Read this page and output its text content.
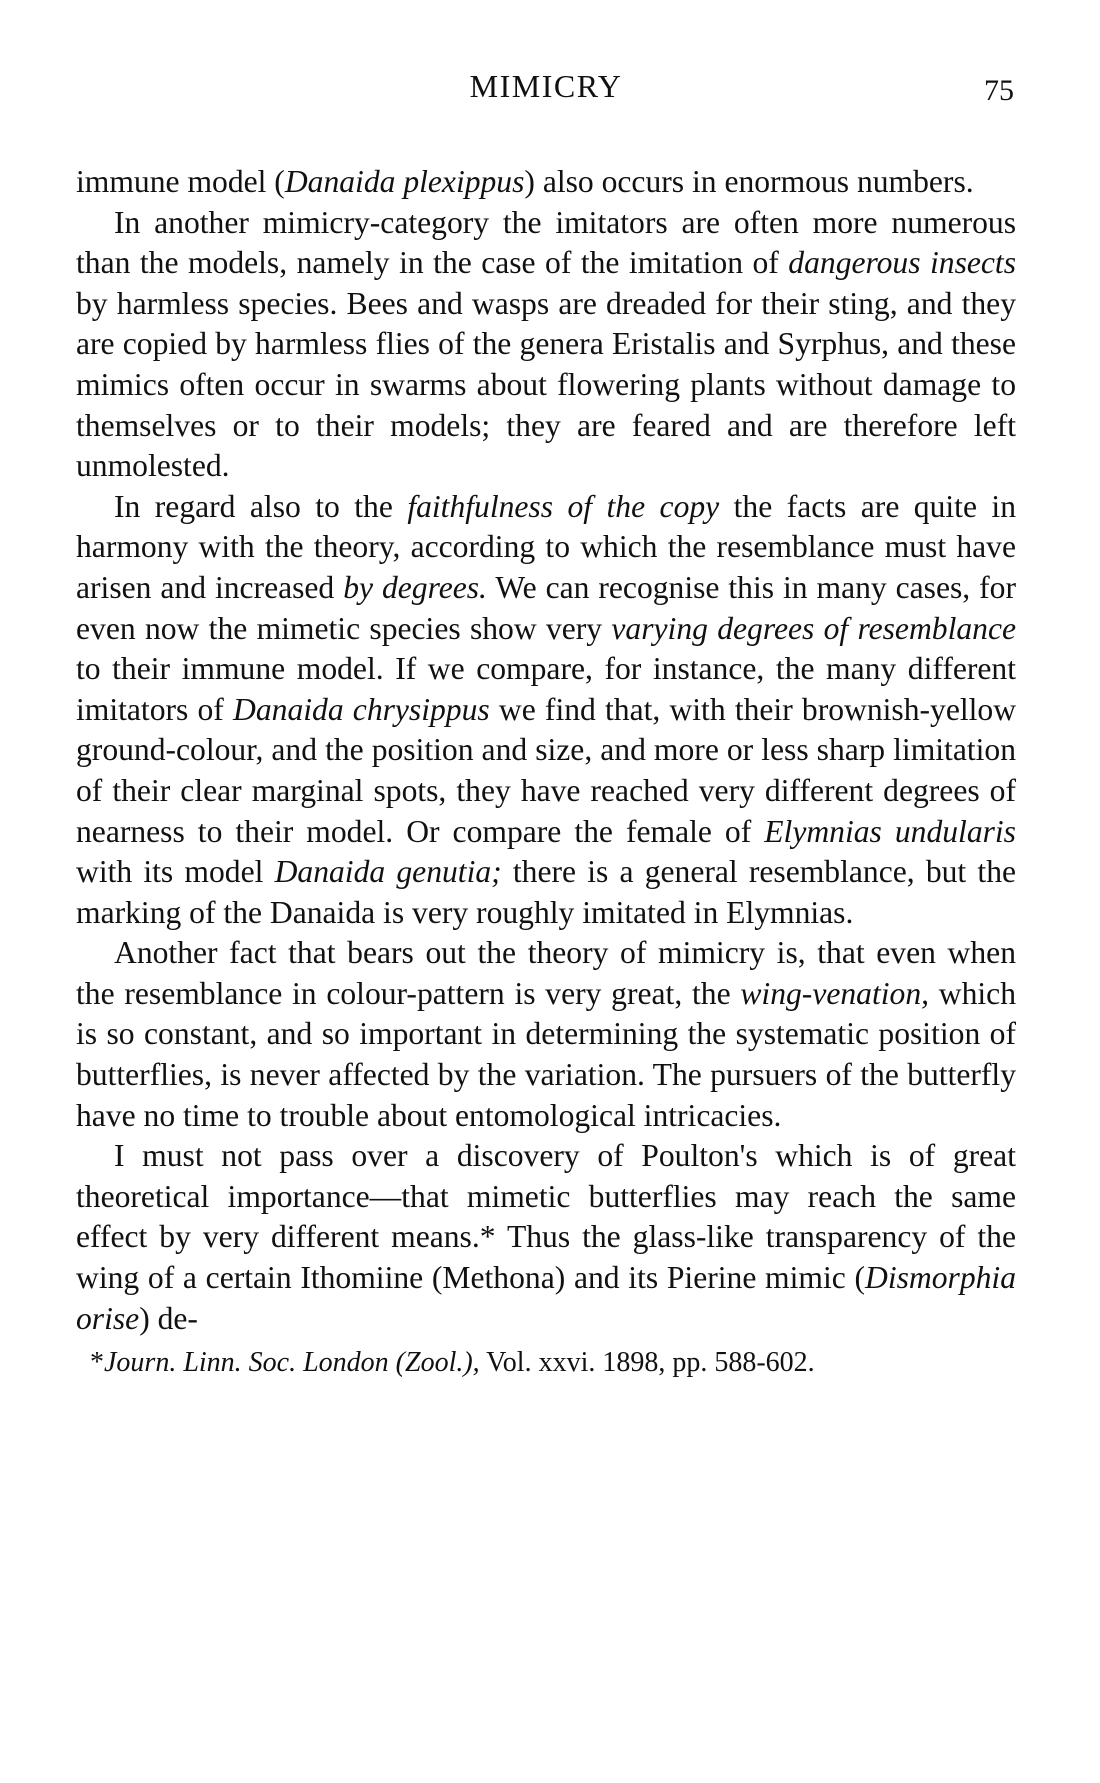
MIMICRY	75

immune model (Danaida plexippus) also occurs in enormous numbers.

In another mimicry-category the imitators are often more numerous than the models, namely in the case of the imitation of dangerous insects by harmless species. Bees and wasps are dreaded for their sting, and they are copied by harmless flies of the genera Eristalis and Syrphus, and these mimics often occur in swarms about flowering plants without damage to themselves or to their models; they are feared and are therefore left unmolested.

In regard also to the faithfulness of the copy the facts are quite in harmony with the theory, according to which the resemblance must have arisen and increased by degrees. We can recognise this in many cases, for even now the mimetic species show very varying degrees of resemblance to their immune model. If we compare, for instance, the many different imitators of Danaida chrysippus we find that, with their brownish-yellow ground-colour, and the position and size, and more or less sharp limitation of their clear marginal spots, they have reached very different degrees of nearness to their model. Or compare the female of Elymnias undularis with its model Danaida genutia; there is a general resemblance, but the marking of the Danaida is very roughly imitated in Elymnias.

Another fact that bears out the theory of mimicry is, that even when the resemblance in colour-pattern is very great, the wing-venation, which is so constant, and so important in determining the systematic position of butterflies, is never affected by the variation. The pursuers of the butterfly have no time to trouble about entomological intricacies.

I must not pass over a discovery of Poulton's which is of great theoretical importance—that mimetic butterflies may reach the same effect by very different means.* Thus the glass-like transparency of the wing of a certain Ithomiine (Methona) and its Pierine mimic (Dismorphia orise) de-

*Journ. Linn. Soc. London (Zool.), Vol. xxvi. 1898, pp. 588-602.
